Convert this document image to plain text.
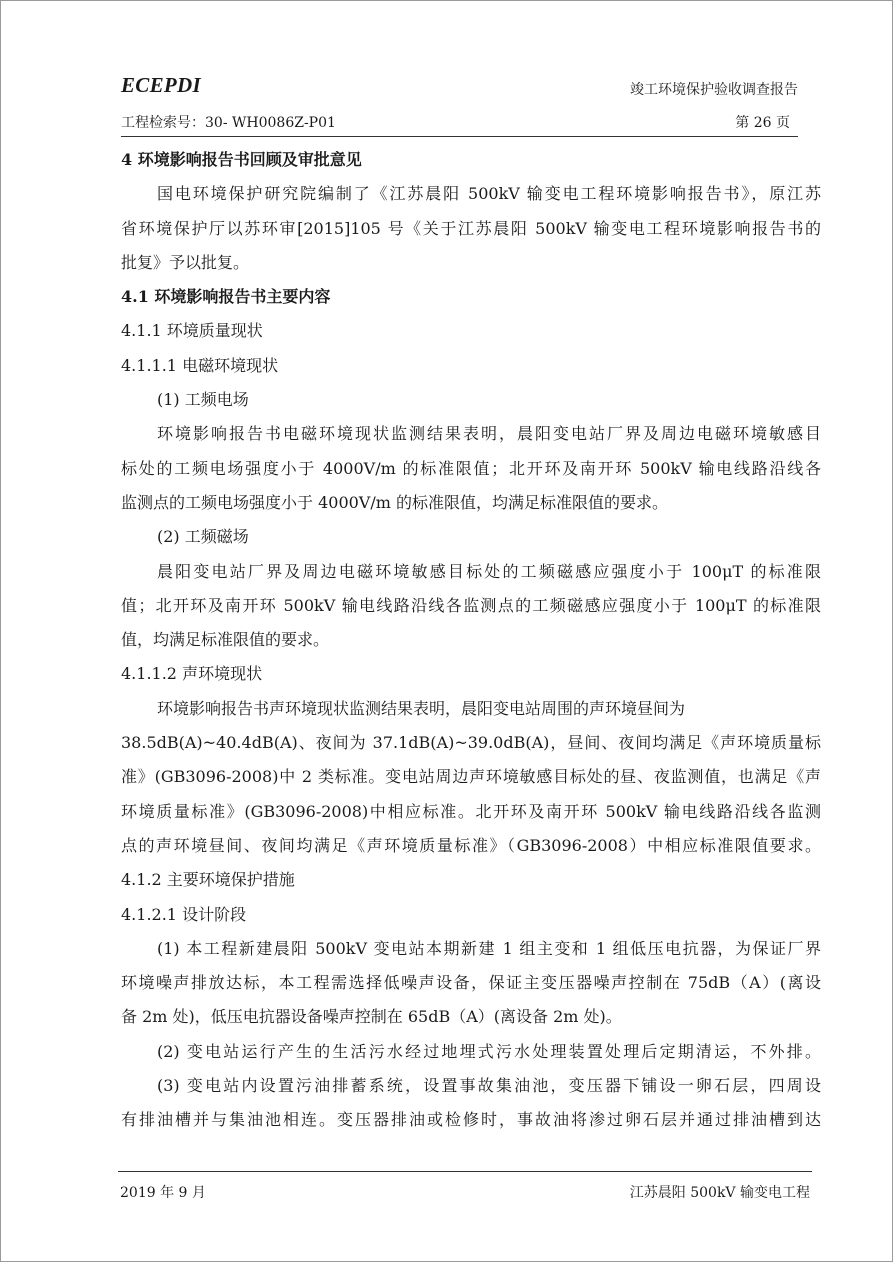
ECEPDI	竣工环境保护验收调查报告
工程检索号：30- WH0086Z-P01	第 26 页
4 环境影响报告书回顾及审批意见
国电环境保护研究院编制了《江苏晨阳 500kV 输变电工程环境影响报告书》，原江苏
省环境保护厅以苏环审[2015]105 号《关于江苏晨阳 500kV 输变电工程环境影响报告书的
批复》予以批复。
4.1 环境影响报告书主要内容
4.1.1 环境质量现状
4.1.1.1 电磁环境现状
(1) 工频电场
环境影响报告书电磁环境现状监测结果表明，晨阳变电站厂界及周边电磁环境敏感目
标处的工频电场强度小于 4000V/m 的标准限值；北开环及南开环 500kV 输电线路沿线各
监测点的工频电场强度小于 4000V/m 的标准限值，均满足标准限值的要求。
(2) 工频磁场
晨阳变电站厂界及周边电磁环境敏感目标处的工频磁感应强度小于 100μT 的标准限
值；北开环及南开环 500kV 输电线路沿线各监测点的工频磁感应强度小于 100μT 的标准限
值，均满足标准限值的要求。
4.1.1.2 声环境现状
环境影响报告书声环境现状监测结果表明，晨阳变电站周围的声环境昼间为
38.5dB(A)~40.4dB(A)、夜间为 37.1dB(A)~39.0dB(A)，昼间、夜间均满足《声环境质量标
准》(GB3096-2008)中 2 类标准。变电站周边声环境敏感目标处的昼、夜监测值，也满足《声
环境质量标准》(GB3096-2008)中相应标准。北开环及南开环 500kV 输电线路沿线各监测
点的声环境昼间、夜间均满足《声环境质量标准》（GB3096-2008）中相应标准限值要求。
4.1.2 主要环境保护措施
4.1.2.1 设计阶段
(1) 本工程新建晨阳 500kV 变电站本期新建 1 组主变和 1 组低压电抗器，为保证厂界
环境噪声排放达标，本工程需选择低噪声设备，保证主变压器噪声控制在 75dB（A）(离设
备 2m 处)，低压电抗器设备噪声控制在 65dB（A）(离设备 2m 处)。
(2) 变电站运行产生的生活污水经过地埋式污水处理装置处理后定期清运，不外排。
(3) 变电站内设置污油排蓄系统，设置事故集油池，变压器下铺设一卵石层，四周设
有排油槽并与集油池相连。变压器排油或检修时，事故油将渗过卵石层并通过排油槽到达
2019 年 9 月	江苏晨阳 500kV 输变电工程
